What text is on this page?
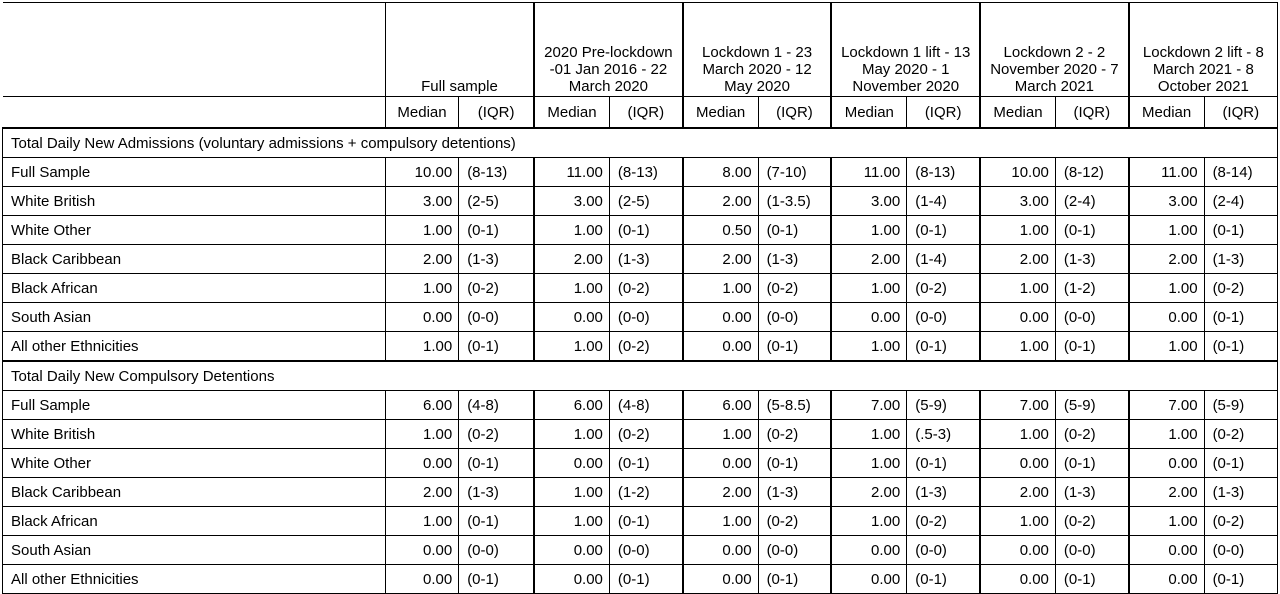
	Full sample		2020 Pre-lockdown -01 Jan 2016 - 22 March 2020		Lockdown 1 - 23 March 2020 - 12 May 2020		Lockdown 1 lift - 13 May 2020 - 1 November 2020		Lockdown 2 - 2 November 2020 - 7 March 2021		Lockdown 2 lift - 8 March 2021 - 8 October 2021	
	Median	(IQR)	Median	(IQR)	Median	(IQR)	Median	(IQR)	Median	(IQR)	Median	(IQR)
Total Daily New Admissions (voluntary admissions + compulsory detentions)												
Full Sample	10.00	(8-13)	11.00	(8-13)	8.00	(7-10)	11.00	(8-13)	10.00	(8-12)	11.00	(8-14)
White British	3.00	(2-5)	3.00	(2-5)	2.00	(1-3.5)	3.00	(1-4)	3.00	(2-4)	3.00	(2-4)
White Other	1.00	(0-1)	1.00	(0-1)	0.50	(0-1)	1.00	(0-1)	1.00	(0-1)	1.00	(0-1)
Black Caribbean	2.00	(1-3)	2.00	(1-3)	2.00	(1-3)	2.00	(1-4)	2.00	(1-3)	2.00	(1-3)
Black African	1.00	(0-2)	1.00	(0-2)	1.00	(0-2)	1.00	(0-2)	1.00	(1-2)	1.00	(0-2)
South Asian	0.00	(0-0)	0.00	(0-0)	0.00	(0-0)	0.00	(0-0)	0.00	(0-0)	0.00	(0-1)
All other Ethnicities	1.00	(0-1)	1.00	(0-2)	0.00	(0-1)	1.00	(0-1)	1.00	(0-1)	1.00	(0-1)
Total Daily New Compulsory Detentions												
Full Sample	6.00	(4-8)	6.00	(4-8)	6.00	(5-8.5)	7.00	(5-9)	7.00	(5-9)	7.00	(5-9)
White British	1.00	(0-2)	1.00	(0-2)	1.00	(0-2)	1.00	(.5-3)	1.00	(0-2)	1.00	(0-2)
White Other	0.00	(0-1)	0.00	(0-1)	0.00	(0-1)	1.00	(0-1)	0.00	(0-1)	0.00	(0-1)
Black Caribbean	2.00	(1-3)	1.00	(1-2)	2.00	(1-3)	2.00	(1-3)	2.00	(1-3)	2.00	(1-3)
Black African	1.00	(0-1)	1.00	(0-1)	1.00	(0-2)	1.00	(0-2)	1.00	(0-2)	1.00	(0-2)
South Asian	0.00	(0-0)	0.00	(0-0)	0.00	(0-0)	0.00	(0-0)	0.00	(0-0)	0.00	(0-0)
All other Ethnicities	0.00	(0-1)	0.00	(0-1)	0.00	(0-1)	0.00	(0-1)	0.00	(0-1)	0.00	(0-1)
